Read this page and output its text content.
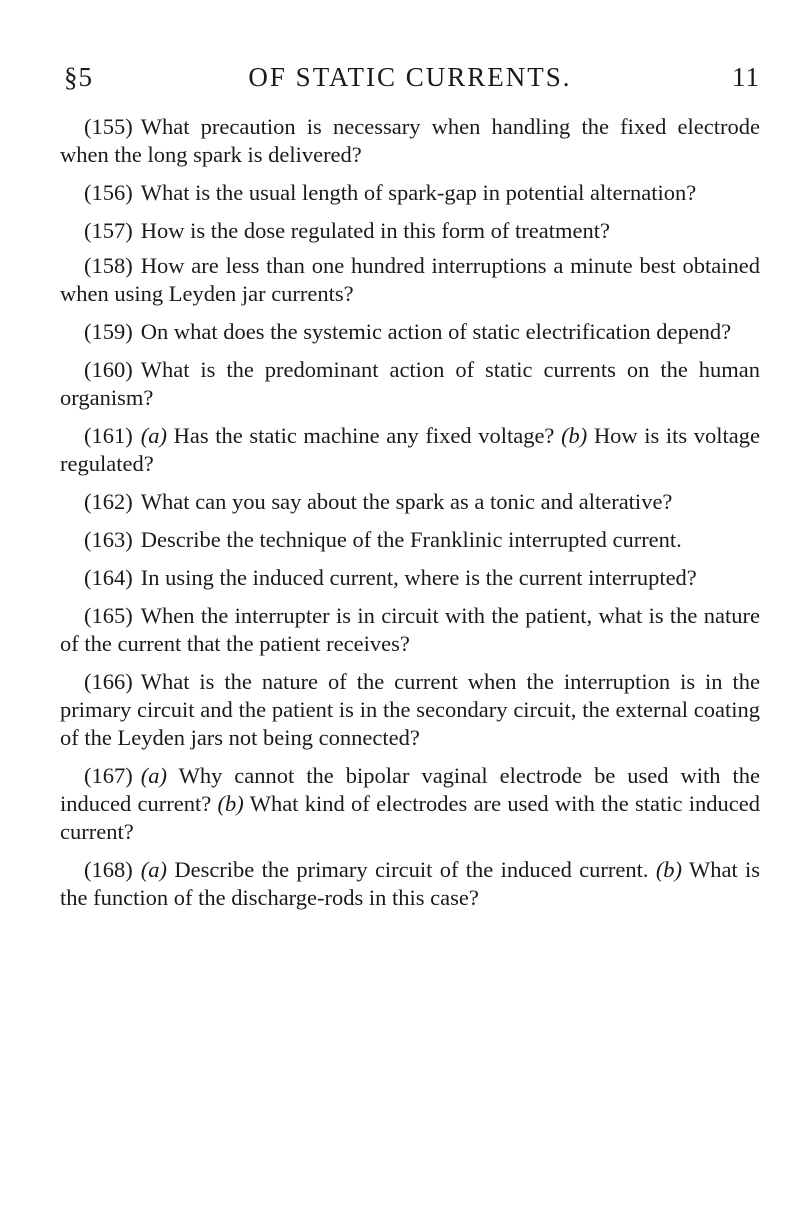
§5	OF STATIC CURRENTS.	11

(155) What precaution is necessary when handling the fixed electrode when the long spark is delivered?

(156) What is the usual length of spark-gap in potential alternation?

(157) How is the dose regulated in this form of treatment?

(158) How are less than one hundred interruptions a minute best obtained when using Leyden jar currents?

(159) On what does the systemic action of static electrification depend?

(160) What is the predominant action of static currents on the human organism?

(161) (a) Has the static machine any fixed voltage? (b) How is its voltage regulated?

(162) What can you say about the spark as a tonic and alterative?

(163) Describe the technique of the Franklinic interrupted current.

(164) In using the induced current, where is the current interrupted?

(165) When the interrupter is in circuit with the patient, what is the nature of the current that the patient receives?

(166) What is the nature of the current when the interruption is in the primary circuit and the patient is in the secondary circuit, the external coating of the Leyden jars not being connected?

(167) (a) Why cannot the bipolar vaginal electrode be used with the induced current? (b) What kind of electrodes are used with the static induced current?

(168) (a) Describe the primary circuit of the induced current. (b) What is the function of the discharge-rods in this case?
